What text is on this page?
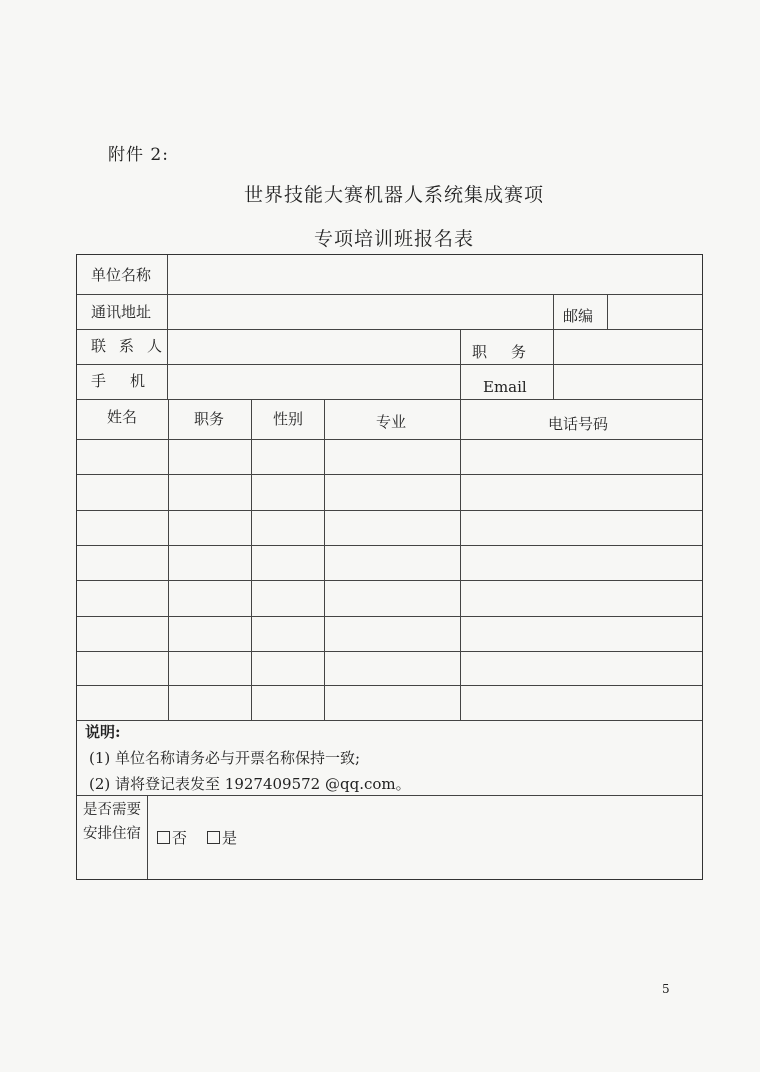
附件 2:
世界技能大赛机器人系统集成赛项
专项培训班报名表
单位名称
通讯地址	邮编
联系人	职务
手机	Email
姓名	职务	性别	专业	电话号码
说明:
(1) 单位名称请务必与开票名称保持一致;
(2) 请将登记表发至 1927409572 @qq.com。
是否需要安排住宿	否	是
5
